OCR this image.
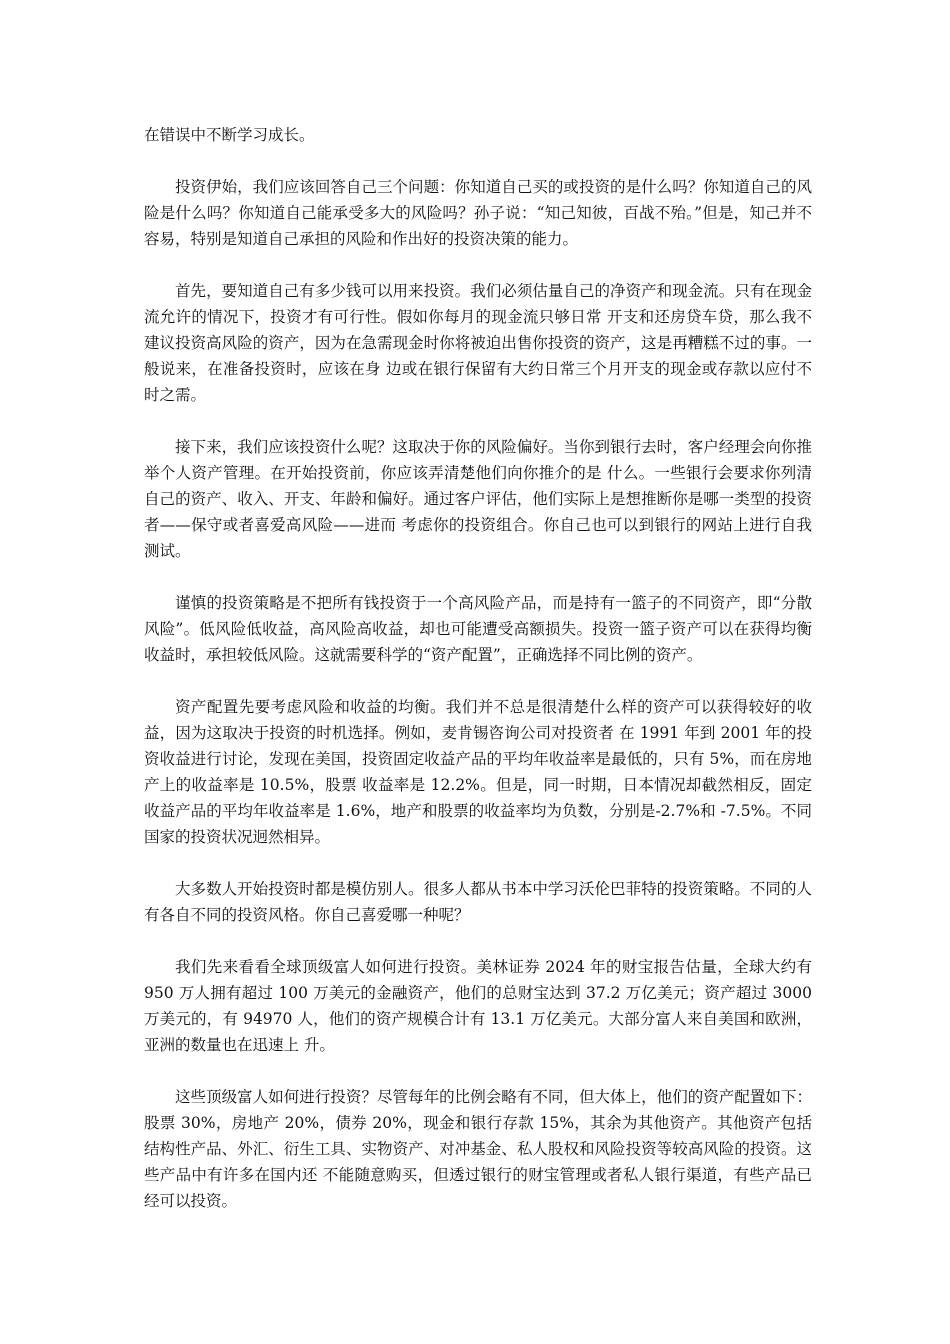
在错误中不断学习成长。

投资伊始，我们应该回答自己三个问题：你知道自己买的或投资的是什么吗？你知道自己的风险是什么吗？你知道自己能承受多大的风险吗？孙子说：“知己知彼，百战不殆。”但是，知己并不容易，特别是知道自己承担的风险和作出好的投资决策的能力。

首先，要知道自己有多少钱可以用来投资。我们必须估量自己的净资产和现金流。只有在现金流允许的情况下，投资才有可行性。假如你每月的现金流只够日常 开支和还房贷车贷，那么我不建议投资高风险的资产，因为在急需现金时你将被迫出售你投资的资产，这是再糟糕不过的事。一般说来，在准备投资时，应该在身 边或在银行保留有大约日常三个月开支的现金或存款以应付不时之需。

接下来，我们应该投资什么呢？这取决于你的风险偏好。当你到银行去时，客户经理会向你推举个人资产管理。在开始投资前，你应该弄清楚他们向你推介的是 什么。一些银行会要求你列清自己的资产、收入、开支、年龄和偏好。通过客户评估，他们实际上是想推断你是哪一类型的投资者——保守或者喜爱高风险——进而 考虑你的投资组合。你自己也可以到银行的网站上进行自我测试。

谨慎的投资策略是不把所有钱投资于一个高风险产品，而是持有一篮子的不同资产，即“分散风险”。低风险低收益，高风险高收益，却也可能遭受高额损失。投资一篮子资产可以在获得均衡收益时，承担较低风险。这就需要科学的“资产配置”，正确选择不同比例的资产。

资产配置先要考虑风险和收益的均衡。我们并不总是很清楚什么样的资产可以获得较好的收益，因为这取决于投资的时机选择。例如，麦肯锡咨询公司对投资者 在 1991 年到 2001 年的投资收益进行讨论，发现在美国，投资固定收益产品的平均年收益率是最低的，只有 5%，而在房地产上的收益率是 10.5%，股票 收益率是 12.2%。但是，同一时期，日本情况却截然相反，固定收益产品的平均年收益率是 1.6%，地产和股票的收益率均为负数，分别是-2.7%和 -7.5%。不同国家的投资状况迥然相异。

大多数人开始投资时都是模仿别人。很多人都从书本中学习沃伦巴菲特的投资策略。不同的人有各自不同的投资风格。你自己喜爱哪一种呢？

我们先来看看全球顶级富人如何进行投资。美林证券 2024 年的财宝报告估量，全球大约有 950 万人拥有超过 100 万美元的金融资产，他们的总财宝达到 37.2 万亿美元；资产超过 3000 万美元的，有 94970 人，他们的资产规模合计有 13.1 万亿美元。大部分富人来自美国和欧洲，亚洲的数量也在迅速上 升。

这些顶级富人如何进行投资？尽管每年的比例会略有不同，但大体上，他们的资产配置如下：股票 30%，房地产 20%，债券 20%，现金和银行存款 15%，其余为其他资产。其他资产包括结构性产品、外汇、衍生工具、实物资产、对冲基金、私人股权和风险投资等较高风险的投资。这些产品中有许多在国内还 不能随意购买，但透过银行的财宝管理或者私人银行渠道，有些产品已经可以投资。
